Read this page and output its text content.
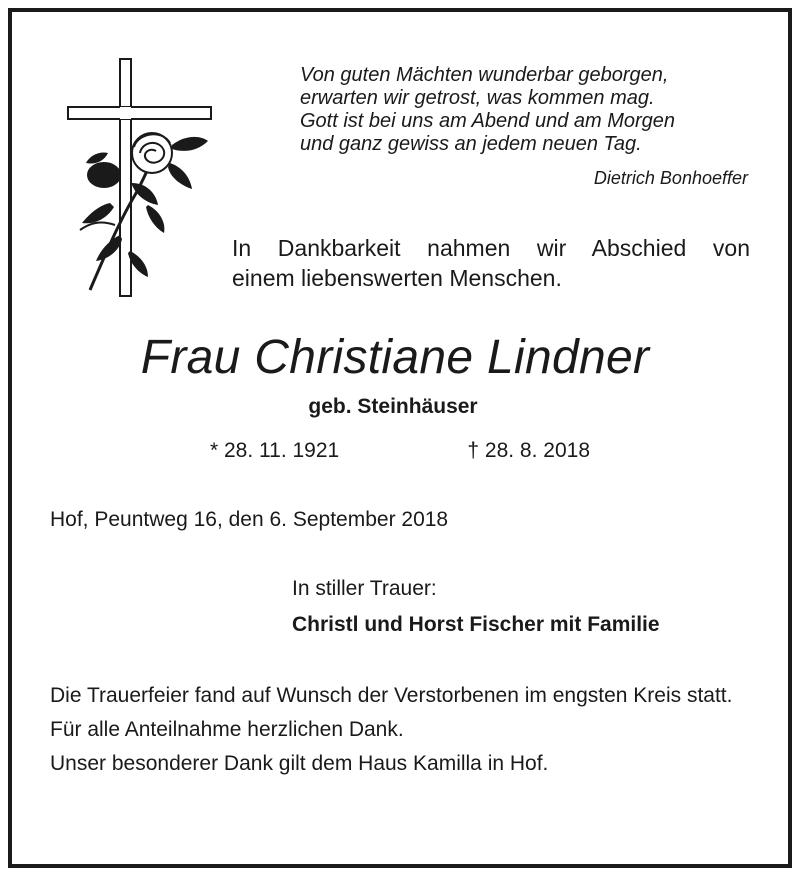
Von guten Mächten wunderbar geborgen,
erwarten wir getrost, was kommen mag.
Gott ist bei uns am Abend und am Morgen
und ganz gewiss an jedem neuen Tag.
Dietrich Bonhoeffer
In Dankbarkeit nahmen wir Abschied von
einem liebenswerten Menschen.
Frau Christiane Lindner
geb. Steinhäuser
* 28. 11. 1921	† 28. 8. 2018
Hof, Peuntweg 16, den 6. September 2018
In stiller Trauer:
Christl und Horst Fischer mit Familie
Die Trauerfeier fand auf Wunsch der Verstorbenen im engsten Kreis statt.
Für alle Anteilnahme herzlichen Dank.
Unser besonderer Dank gilt dem Haus Kamilla in Hof.
